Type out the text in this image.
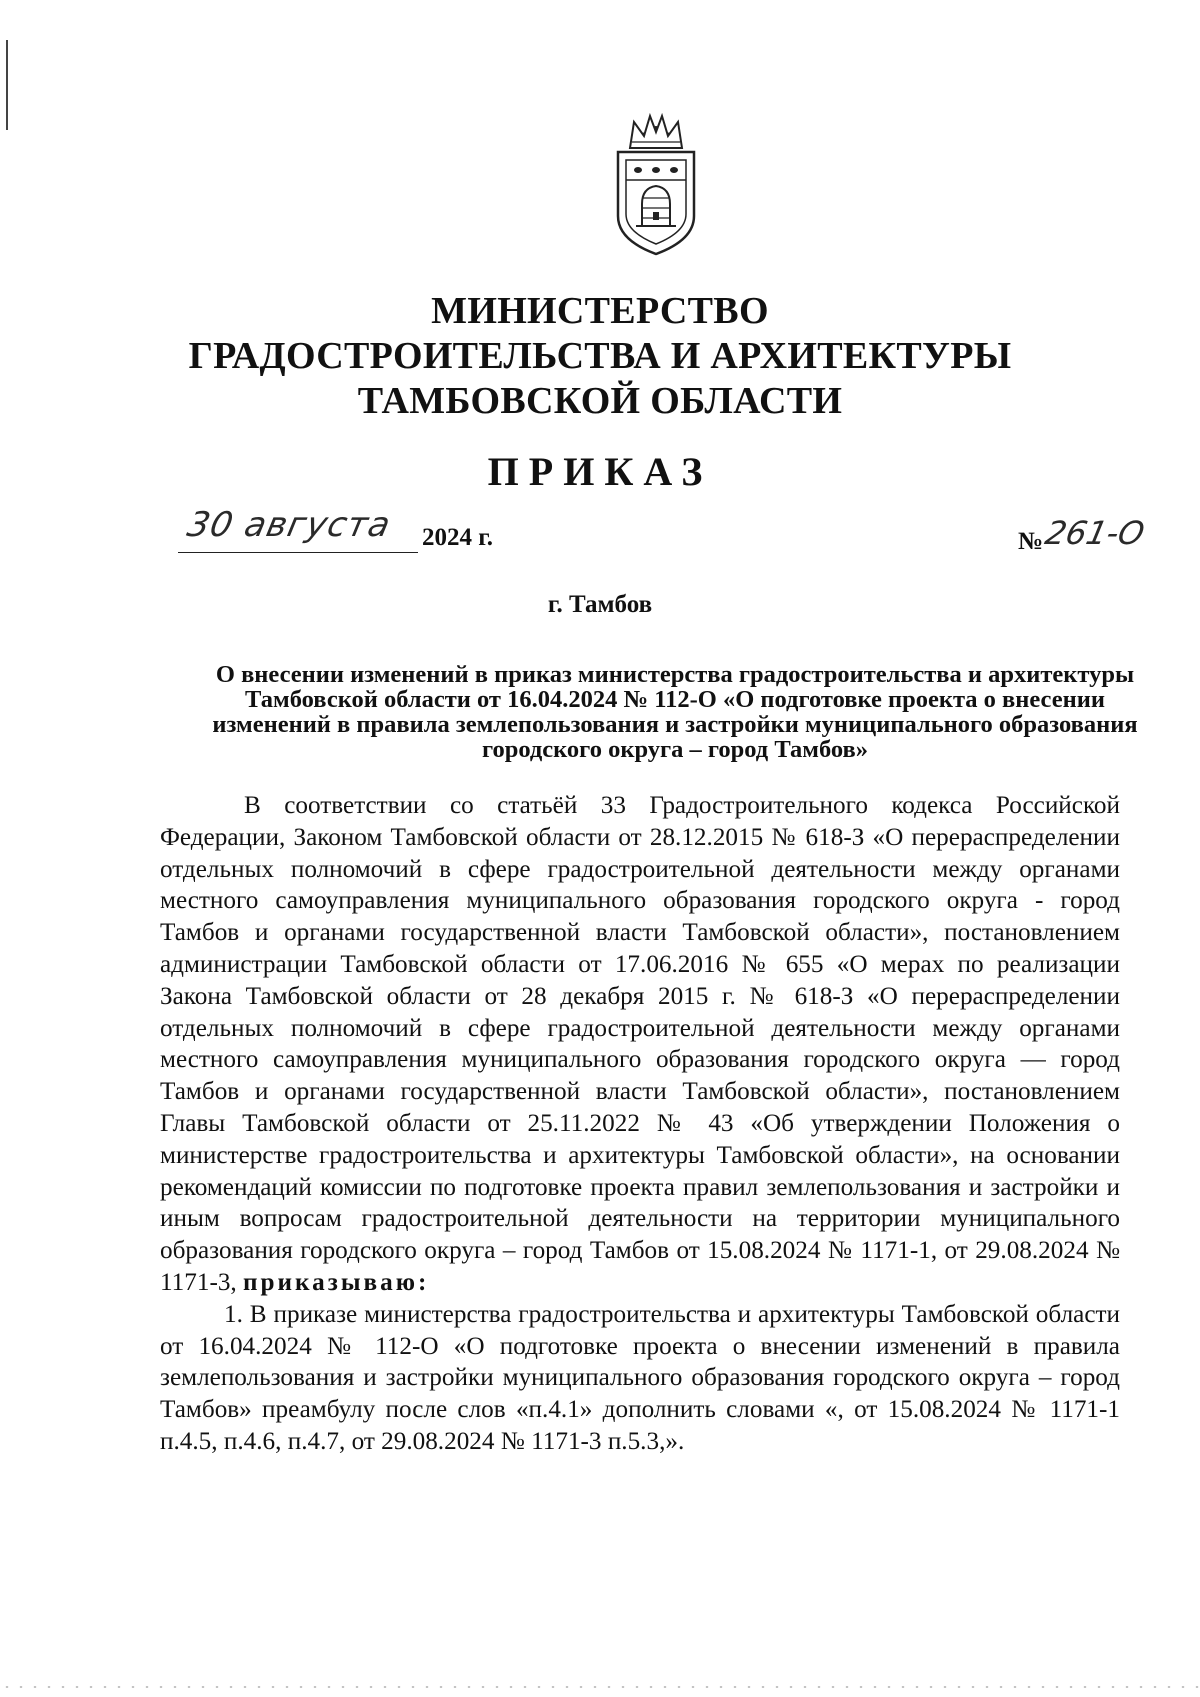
МИНИСТЕРСТВО
ГРАДОСТРОИТЕЛЬСТВА И АРХИТЕКТУРЫ
ТАМБОВСКОЙ ОБЛАСТИ
ПРИКАЗ
30 августа 2024 г.	№
261-О
г. Тамбов
О внесении изменений в приказ министерства градостроительства и архитектуры Тамбовской области от 16.04.2024 № 112-О «О подготовке проекта о внесении изменений в правила землепользования и застройки муниципального образования городского округа – город Тамбов»

В соответствии со статьёй 33 Градостроительного кодекса Российской Федерации, Законом Тамбовской области от 28.12.2015 № 618-З «О перераспределении отдельных полномочий в сфере градостроительной деятельности между органами местного самоуправления муниципального образования городского округа - город Тамбов и органами государственной власти Тамбовской области», постановлением администрации Тамбовской области от 17.06.2016 № 655 «О мерах по реализации Закона Тамбовской области от 28 декабря 2015 г. № 618-З «О перераспределении отдельных полномочий в сфере градостроительной деятельности между органами местного самоуправления муниципального образования городского округа — город Тамбов и органами государственной власти Тамбовской области», постановлением Главы Тамбовской области от 25.11.2022 № 43 «Об утверждении Положения о министерстве градостроительства и архитектуры Тамбовской области», на основании рекомендаций комиссии по подготовке проекта правил землепользования и застройки и иным вопросам градостроительной деятельности на территории муниципального образования городского округа – город Тамбов от 15.08.2024 № 1171-1, от 29.08.2024 № 1171-3, приказываю:

1. В приказе министерства градостроительства и архитектуры Тамбовской области от 16.04.2024 № 112-О «О подготовке проекта о внесении изменений в правила землепользования и застройки муниципального образования городского округа – город Тамбов» преамбулу после слов «п.4.1» дополнить словами «, от 15.08.2024 № 1171-1 п.4.5, п.4.6, п.4.7, от 29.08.2024 № 1171-3 п.5.3,».
